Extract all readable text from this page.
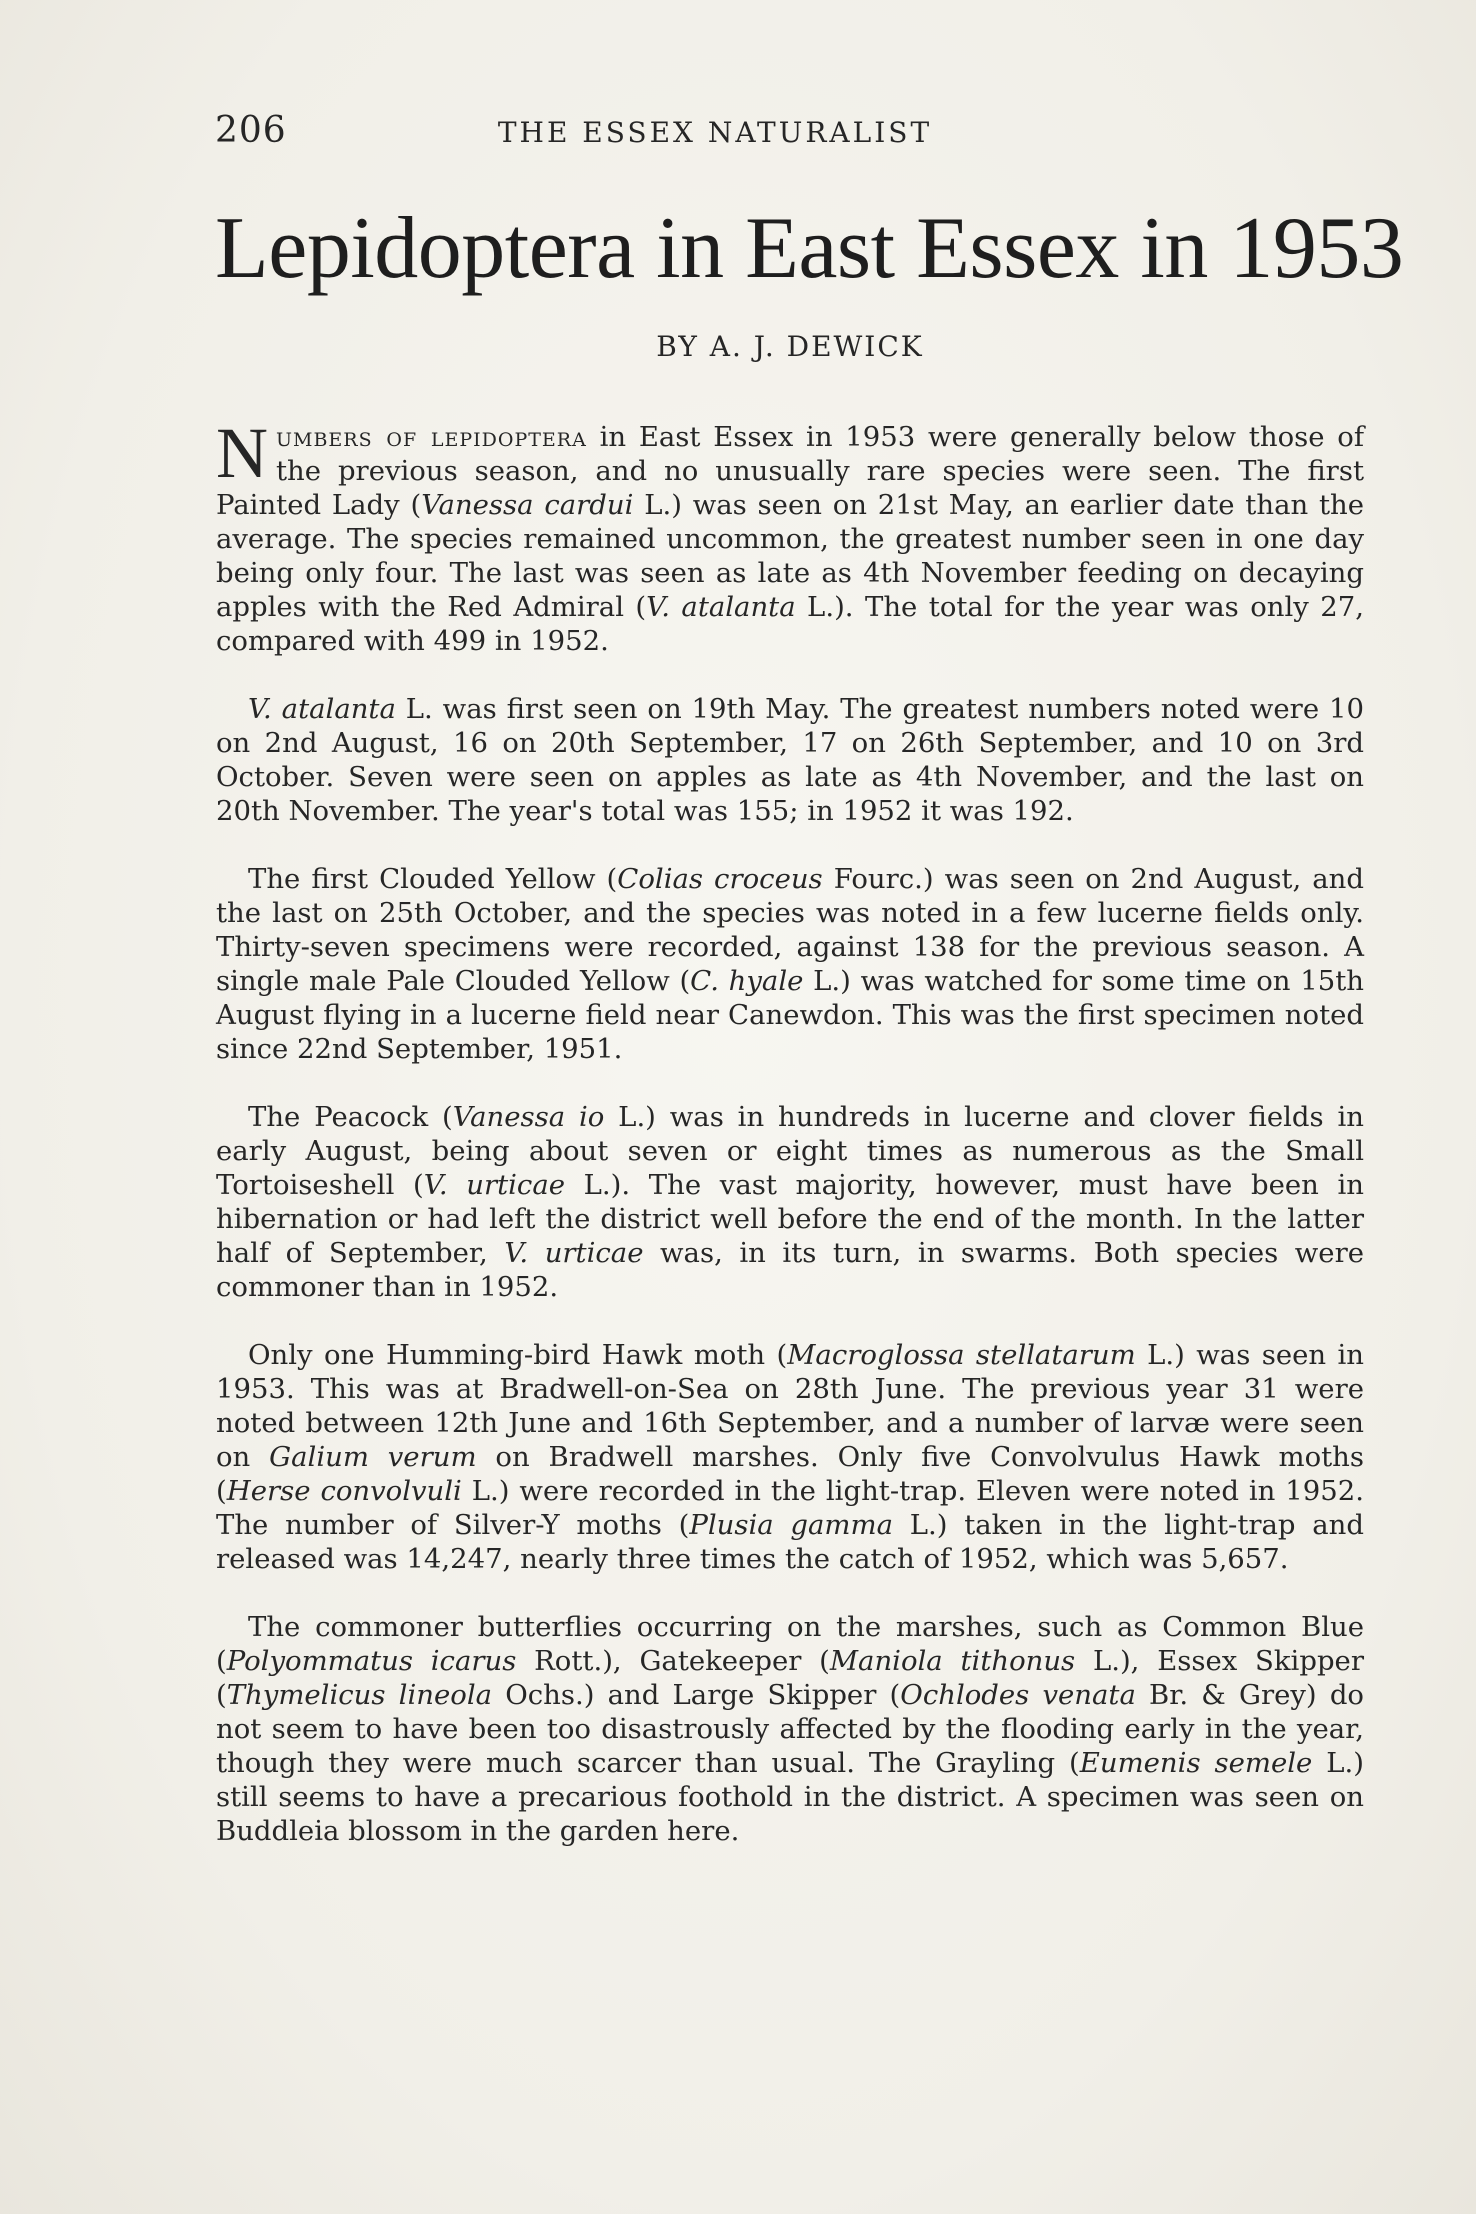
206	THE ESSEX NATURALIST
Lepidoptera in East Essex in 1953
BY A. J. DEWICK

Numbers of lepidoptera in East Essex in 1953 were generally below those of the previous season, and no unusually rare species were seen. The first Painted Lady (Vanessa cardui L.) was seen on 21st May, an earlier date than the average. The species remained uncommon, the greatest number seen in one day being only four. The last was seen as late as 4th November feeding on decaying apples with the Red Admiral (V. atalanta L.). The total for the year was only 27, compared with 499 in 1952.

V. atalanta L. was first seen on 19th May. The greatest numbers noted were 10 on 2nd August, 16 on 20th September, 17 on 26th September, and 10 on 3rd October. Seven were seen on apples as late as 4th November, and the last on 20th November. The year's total was 155; in 1952 it was 192.

The first Clouded Yellow (Colias croceus Fourc.) was seen on 2nd August, and the last on 25th October, and the species was noted in a few lucerne fields only. Thirty-seven specimens were recorded, against 138 for the previous season. A single male Pale Clouded Yellow (C. hyale L.) was watched for some time on 15th August flying in a lucerne field near Canewdon. This was the first specimen noted since 22nd September, 1951.

The Peacock (Vanessa io L.) was in hundreds in lucerne and clover fields in early August, being about seven or eight times as numerous as the Small Tortoiseshell (V. urticae L.). The vast majority, however, must have been in hibernation or had left the district well before the end of the month. In the latter half of September, V. urticae was, in its turn, in swarms. Both species were commoner than in 1952.

Only one Humming-bird Hawk moth (Macroglossa stellatarum L.) was seen in 1953. This was at Bradwell-on-Sea on 28th June. The previous year 31 were noted between 12th June and 16th September, and a number of larvæ were seen on Galium verum on Bradwell marshes. Only five Convolvulus Hawk moths (Herse convolvuli L.) were recorded in the light-trap. Eleven were noted in 1952. The number of Silver-Y moths (Plusia gamma L.) taken in the light-trap and released was 14,247, nearly three times the catch of 1952, which was 5,657.

The commoner butterflies occurring on the marshes, such as Common Blue (Polyommatus icarus Rott.), Gatekeeper (Maniola tithonus L.), Essex Skipper (Thymelicus lineola Ochs.) and Large Skipper (Ochlodes venata Br. & Grey) do not seem to have been too disastrously affected by the flooding early in the year, though they were much scarcer than usual. The Grayling (Eumenis semele L.) still seems to have a precarious foothold in the district. A specimen was seen on Buddleia blossom in the garden here.
